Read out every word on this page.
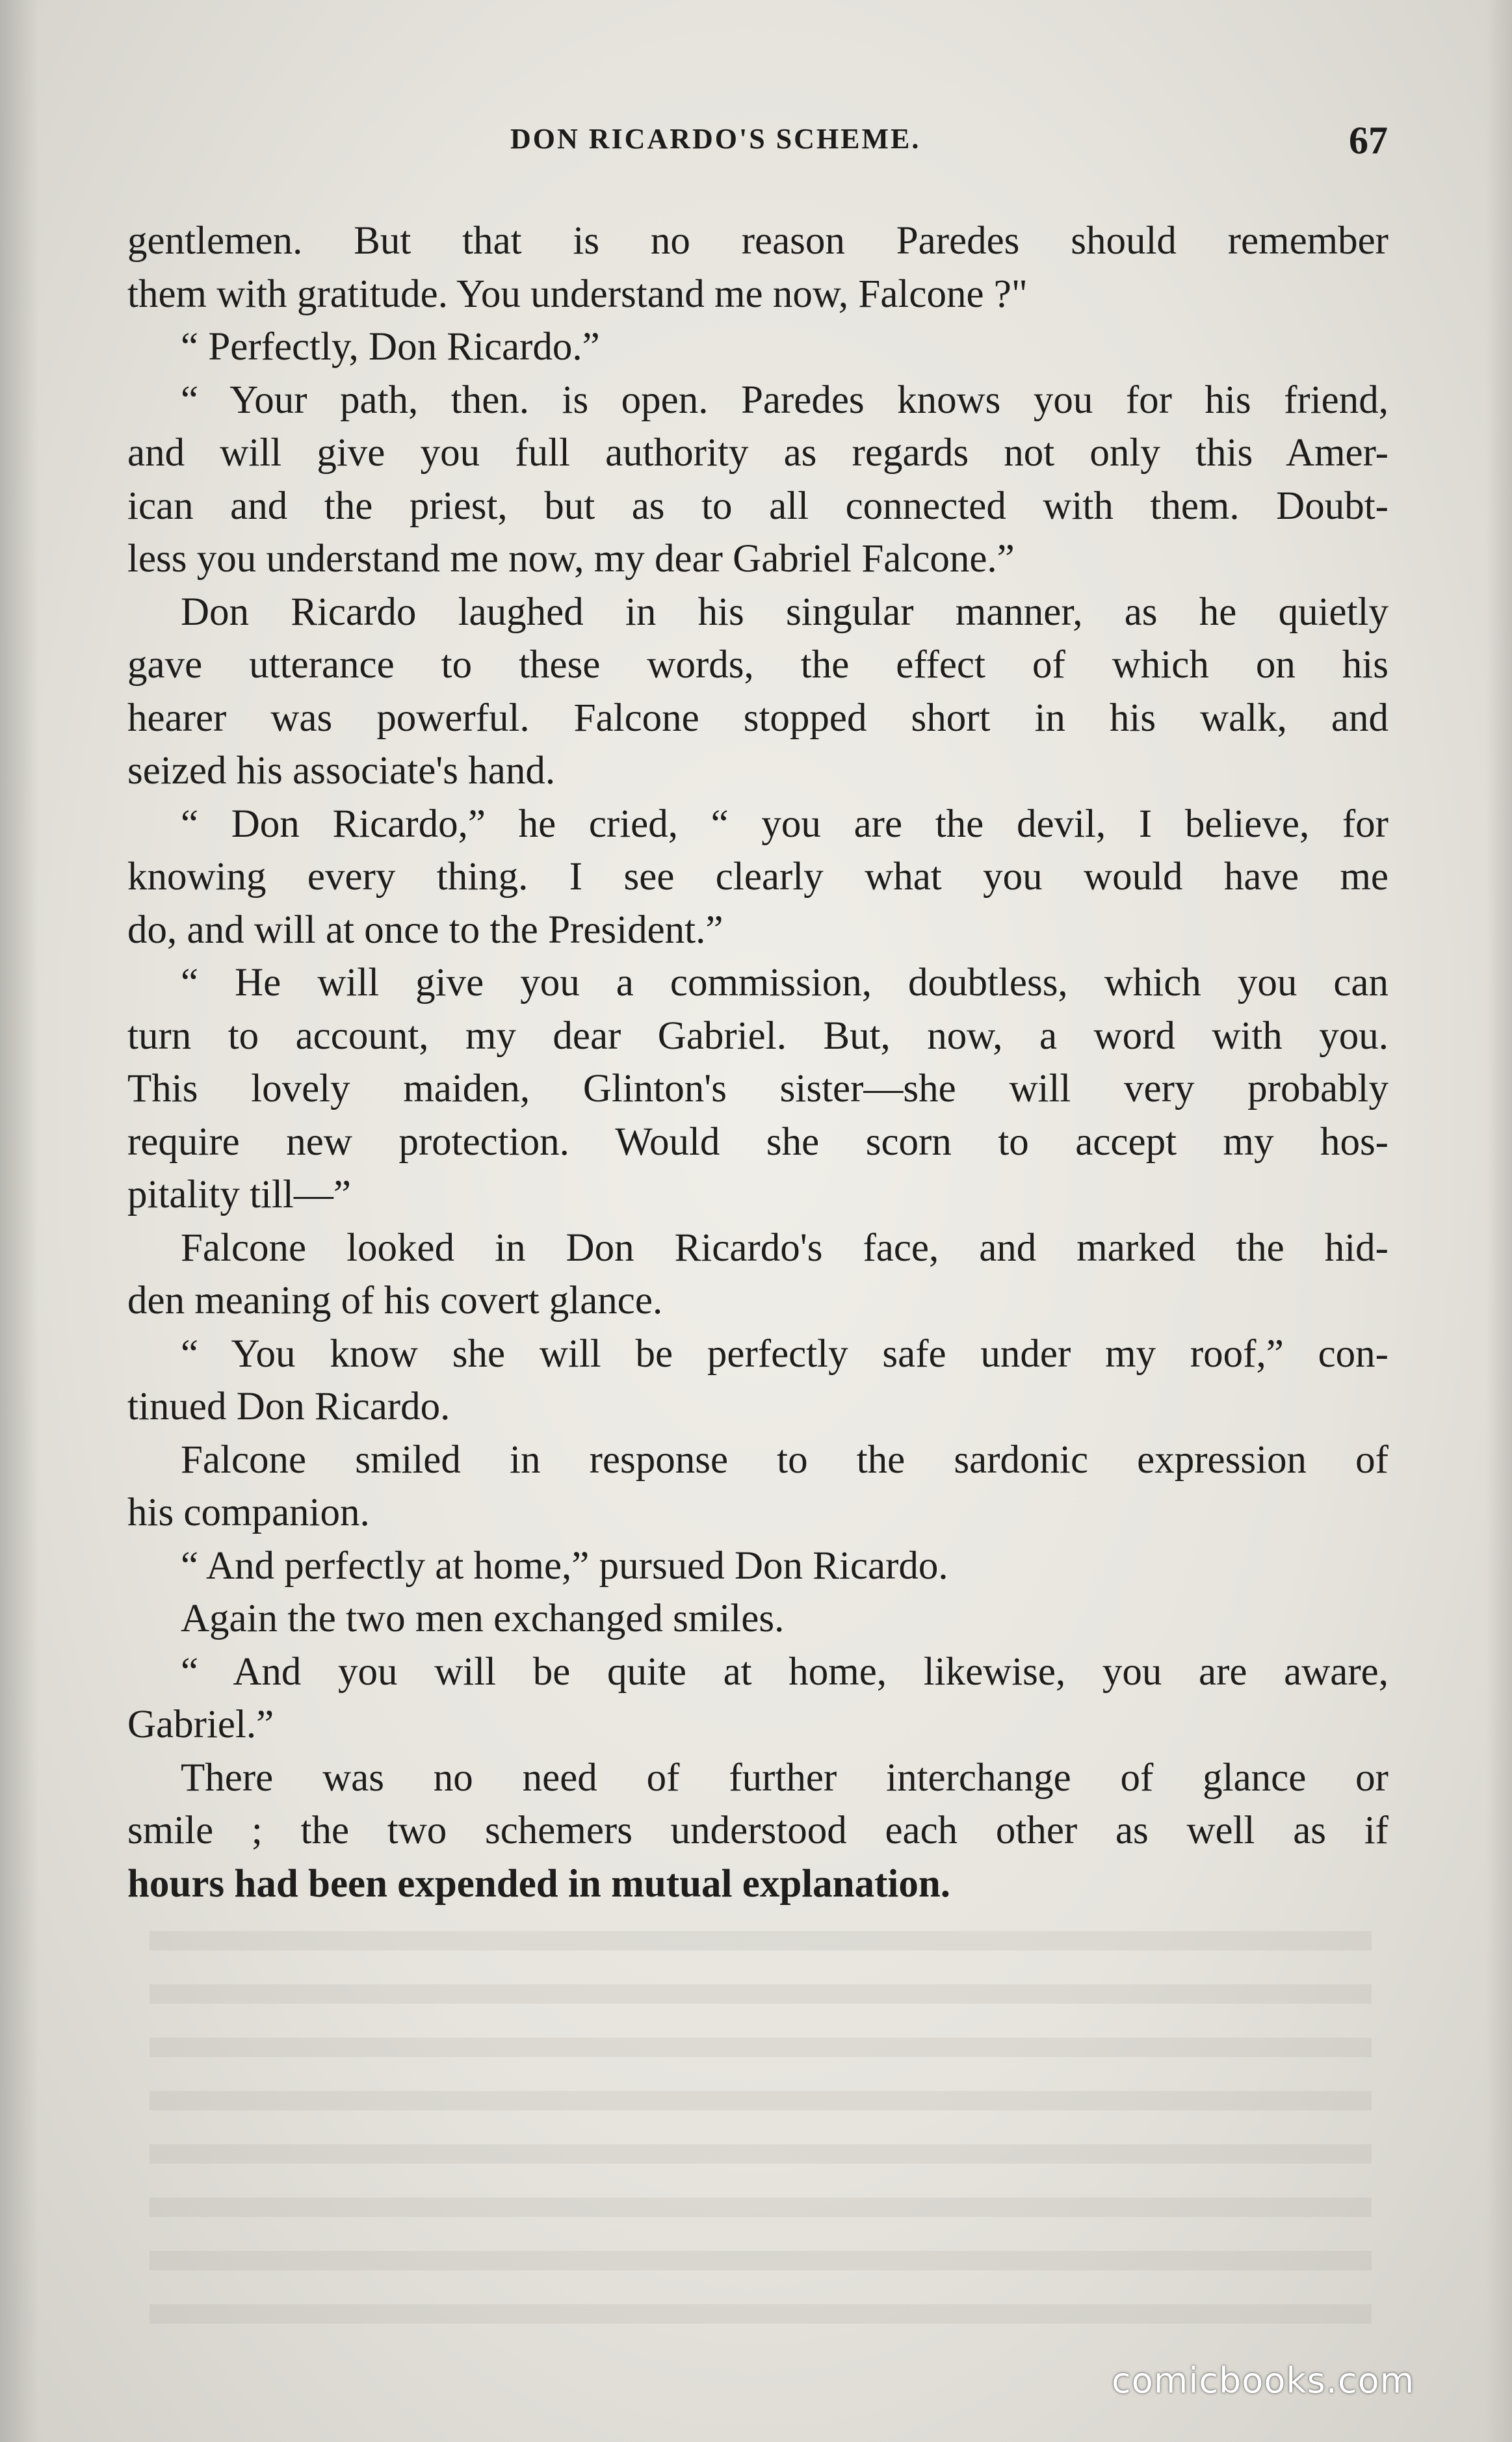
DON RICARDO'S SCHEME.	67
gentlemen. But that is no reason Paredes should remember
them with gratitude. You understand me now, Falcone ?"
“ Perfectly, Don Ricardo.”
“ Your path, then. is open. Paredes knows you for his friend,
and will give you full authority as regards not only this Amer-
ican and the priest, but as to all connected with them. Doubt-
less you understand me now, my dear Gabriel Falcone.”
Don Ricardo laughed in his singular manner, as he quietly
gave utterance to these words, the effect of which on his
hearer was powerful. Falcone stopped short in his walk, and
seized his associate's hand.
“ Don Ricardo,” he cried, “ you are the devil, I believe, for
knowing every thing. I see clearly what you would have me
do, and will at once to the President.”
“ He will give you a commission, doubtless, which you can
turn to account, my dear Gabriel. But, now, a word with you.
This lovely maiden, Glinton's sister—she will very probably
require new protection. Would she scorn to accept my hos-
pitality till—”
Falcone looked in Don Ricardo's face, and marked the hid-
den meaning of his covert glance.
“ You know she will be perfectly safe under my roof,” con-
tinued Don Ricardo.
Falcone smiled in response to the sardonic expression of
his companion.
“ And perfectly at home,” pursued Don Ricardo.
Again the two men exchanged smiles.
“ And you will be quite at home, likewise, you are aware,
Gabriel.”
There was no need of further interchange of glance or
smile ; the two schemers understood each other as well as if
hours had been expended in mutual explanation.
comicbooks.com
